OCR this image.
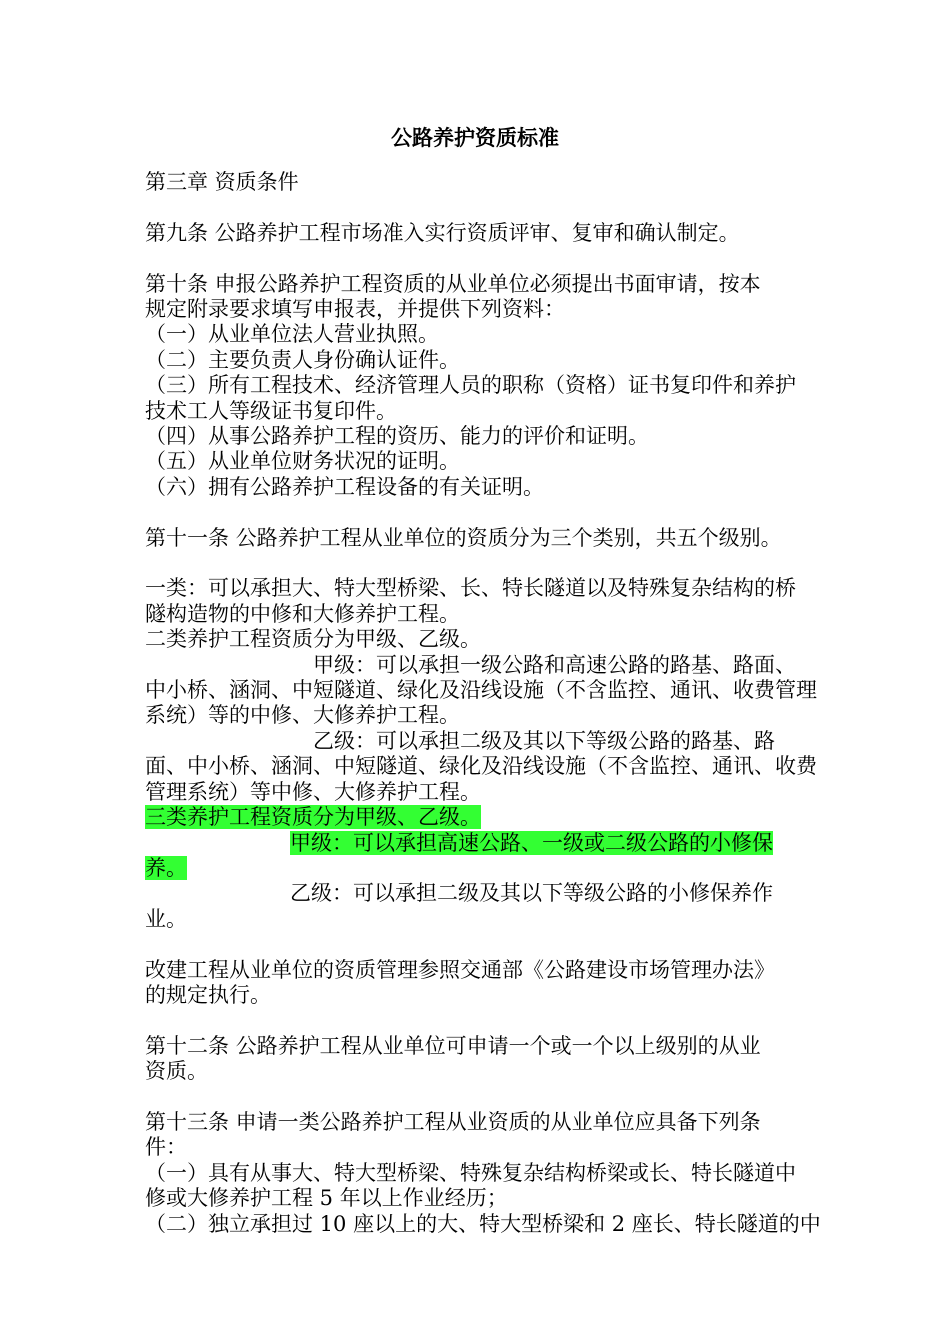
公路养护资质标准
第三章 资质条件
第九条 公路养护工程市场准入实行资质评审、复审和确认制定。
第十条 申报公路养护工程资质的从业单位必须提出书面审请，按本
规定附录要求填写申报表，并提供下列资料：
（一）从业单位法人营业执照。
（二）主要负责人身份确认证件。
（三）所有工程技术、经济管理人员的职称（资格）证书复印件和养护
技术工人等级证书复印件。
（四）从事公路养护工程的资历、能力的评价和证明。
（五）从业单位财务状况的证明。
（六）拥有公路养护工程设备的有关证明。
第十一条 公路养护工程从业单位的资质分为三个类别，共五个级别。
一类：可以承担大、特大型桥梁、长、特长隧道以及特殊复杂结构的桥
隧构造物的中修和大修养护工程。
二类养护工程资质分为甲级、乙级。
甲级：可以承担一级公路和高速公路的路基、路面、
中小桥、涵洞、中短隧道、绿化及沿线设施（不含监控、通讯、收费管理
系统）等的中修、大修养护工程。
乙级：可以承担二级及其以下等级公路的路基、路
面、中小桥、涵洞、中短隧道、绿化及沿线设施（不含监控、通讯、收费
管理系统）等中修、大修养护工程。
三类养护工程资质分为甲级、乙级。
甲级：可以承担高速公路、一级或二级公路的小修保
养。
乙级：可以承担二级及其以下等级公路的小修保养作
业。
改建工程从业单位的资质管理参照交通部《公路建设市场管理办法》
的规定执行。
第十二条 公路养护工程从业单位可申请一个或一个以上级别的从业
资质。
第十三条 申请一类公路养护工程从业资质的从业单位应具备下列条
件：
（一）具有从事大、特大型桥梁、特殊复杂结构桥梁或长、特长隧道中
修或大修养护工程 5 年以上作业经历；
（二）独立承担过 10 座以上的大、特大型桥梁和 2 座长、特长隧道的中
